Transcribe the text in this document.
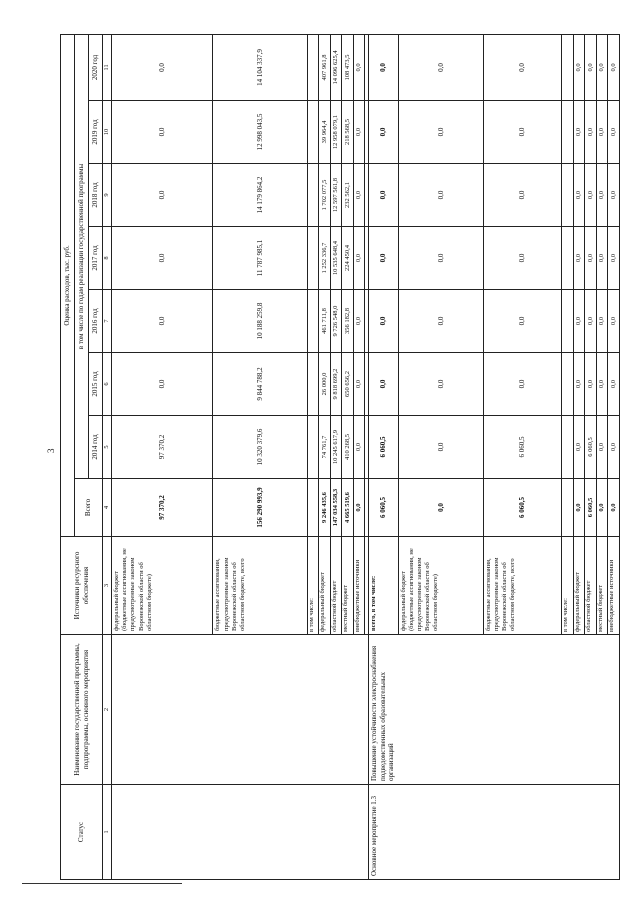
3
Статус	Наименование государственной программы, подпрограммы, основного мероприятия	Источники ресурсного обеспечения	Оценка расходов, тыс. руб.							
			Всего	в том числе по годам реализации государственной программы						
				2014 год	2015 год	2016 год	2017 год	2018 год	2019 год	2020 год
1	2	3	4	5	6	7	8	9	10	11
		федеральный бюджет (бюджетные ассигнования, не предусмотренные законом Воронежской области об областном бюджете)	97 370,2	97 370,2	0,0	0,0	0,0	0,0	0,0	0,0
		бюджетные ассигнования, предусмотренные законом Воронежской области об областном бюджете, всего	156 290 993,9	10 320 379,6	9 844 788,2	10 188 259,8	11 787 985,1	14 179 864,2	12 998 043,5	14 104 337,9
		в том числе:								
		федеральный бюджет	9 246 435,6	74 761,7	26 000,0	461 711,8	1 252 336,7	1 702 077,5	39 964,4	407 961,8
		областной бюджет	147 034 558,3	10 245 617,9	9 818 699,2	9 726 548,0	10 535 648,4	12 597 561,8	12 958 079,1	14 096 625,4
		местный бюджет	4 665 519,6	410 268,5	650 656,2	356 182,8	224 450,4	232 562,1	218 568,5	108 473,5
		внебюджетные источники	0,0	0,0	0,0	0,0	0,0	0,0	0,0	0,0

Основное мероприятие 1.3	Повышение устойчивости электроснабжения подведомственных образовательных организаций	всего, в том числе:	6 060,5	6 060,5	0,0	0,0	0,0	0,0	0,0	0,0
		федеральный бюджет (бюджетные ассигнования, не предусмотренные законом Воронежской области об областном бюджете)	0,0	0,0	0,0	0,0	0,0	0,0	0,0	0,0
		бюджетные ассигнования, предусмотренные законом Воронежской области об областном бюджете, всего	6 060,5	6 060,5	0,0	0,0	0,0	0,0	0,0	0,0
		в том числе:								
		федеральный бюджет	0,0	0,0	0,0	0,0	0,0	0,0	0,0	0,0
		областной бюджет	6 060,5	6 060,5	0,0	0,0	0,0	0,0	0,0	0,0
		местный бюджет	0,0	0,0	0,0	0,0	0,0	0,0	0,0	0,0
		внебюджетные источники	0,0	0,0	0,0	0,0	0,0	0,0	0,0	0,0
